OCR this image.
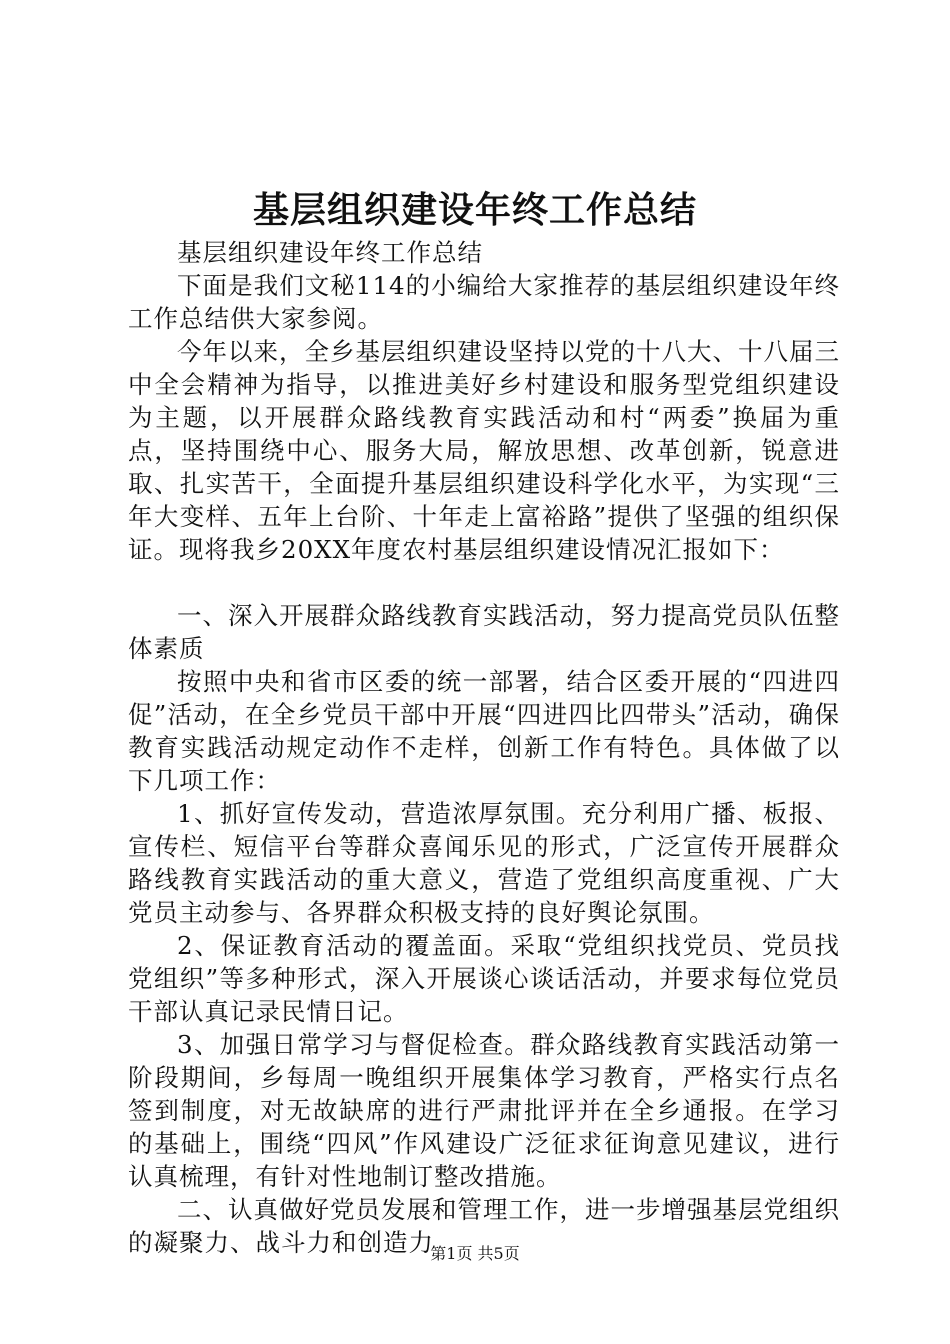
基层组织建设年终工作总结

基层组织建设年终工作总结

下面是我们文秘114的小编给大家推荐的基层组织建设年终工作总结供大家参阅。

今年以来，全乡基层组织建设坚持以党的十八大、十八届三中全会精神为指导，以推进美好乡村建设和服务型党组织建设为主题，以开展群众路线教育实践活动和村“两委”换届为重点，坚持围绕中心、服务大局，解放思想、改革创新，锐意进取、扎实苦干，全面提升基层组织建设科学化水平，为实现“三年大变样、五年上台阶、十年走上富裕路”提供了坚强的组织保证。现将我乡20XX年度农村基层组织建设情况汇报如下：

一、深入开展群众路线教育实践活动，努力提高党员队伍整体素质

按照中央和省市区委的统一部署，结合区委开展的“四进四促”活动，在全乡党员干部中开展“四进四比四带头”活动，确保教育实践活动规定动作不走样，创新工作有特色。具体做了以下几项工作：

1、抓好宣传发动，营造浓厚氛围。充分利用广播、板报、宣传栏、短信平台等群众喜闻乐见的形式，广泛宣传开展群众路线教育实践活动的重大意义，营造了党组织高度重视、广大党员主动参与、各界群众积极支持的良好舆论氛围。

2、保证教育活动的覆盖面。采取“党组织找党员、党员找党组织”等多种形式，深入开展谈心谈话活动，并要求每位党员干部认真记录民情日记。

3、加强日常学习与督促检查。群众路线教育实践活动第一阶段期间，乡每周一晚组织开展集体学习教育，严格实行点名签到制度，对无故缺席的进行严肃批评并在全乡通报。在学习的基础上，围绕“四风”作风建设广泛征求征询意见建议，进行认真梳理，有针对性地制订整改措施。

二、认真做好党员发展和管理工作，进一步增强基层党组织的凝聚力、战斗力和创造力

第1页 共5页
